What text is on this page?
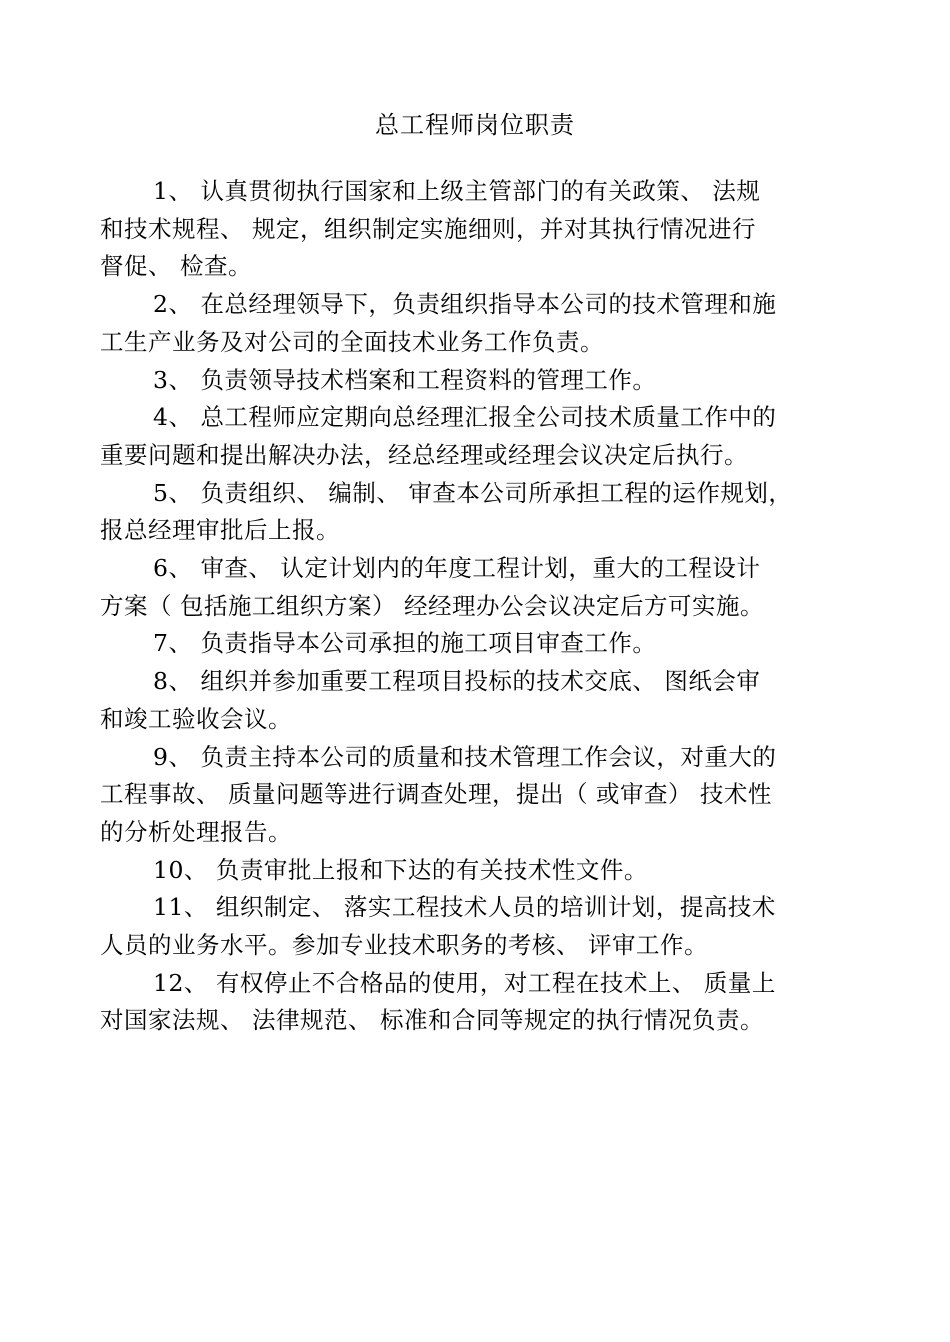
总工程师岗位职责
1、 认真贯彻执行国家和上级主管部门的有关政策、 法规
和技术规程、 规定，组织制定实施细则，并对其执行情况进行
督促、 检查。
2、 在总经理领导下，负责组织指导本公司的技术管理和施
工生产业务及对公司的全面技术业务工作负责。
3、 负责领导技术档案和工程资料的管理工作。
4、 总工程师应定期向总经理汇报全公司技术质量工作中的
重要问题和提出解决办法，经总经理或经理会议决定后执行。
5、 负责组织、 编制、 审查本公司所承担工程的运作规划，
报总经理审批后上报。
6、 审查、 认定计划内的年度工程计划，重大的工程设计
方案（ 包括施工组织方案） 经经理办公会议决定后方可实施。
7、 负责指导本公司承担的施工项目审查工作。
8、 组织并参加重要工程项目投标的技术交底、 图纸会审
和竣工验收会议。
9、 负责主持本公司的质量和技术管理工作会议，对重大的
工程事故、 质量问题等进行调查处理，提出（ 或审查） 技术性
的分析处理报告。
10、 负责审批上报和下达的有关技术性文件。
11、 组织制定、 落实工程技术人员的培训计划，提高技术
人员的业务水平。参加专业技术职务的考核、 评审工作。
12、 有权停止不合格品的使用，对工程在技术上、 质量上
对国家法规、 法律规范、 标准和合同等规定的执行情况负责。
